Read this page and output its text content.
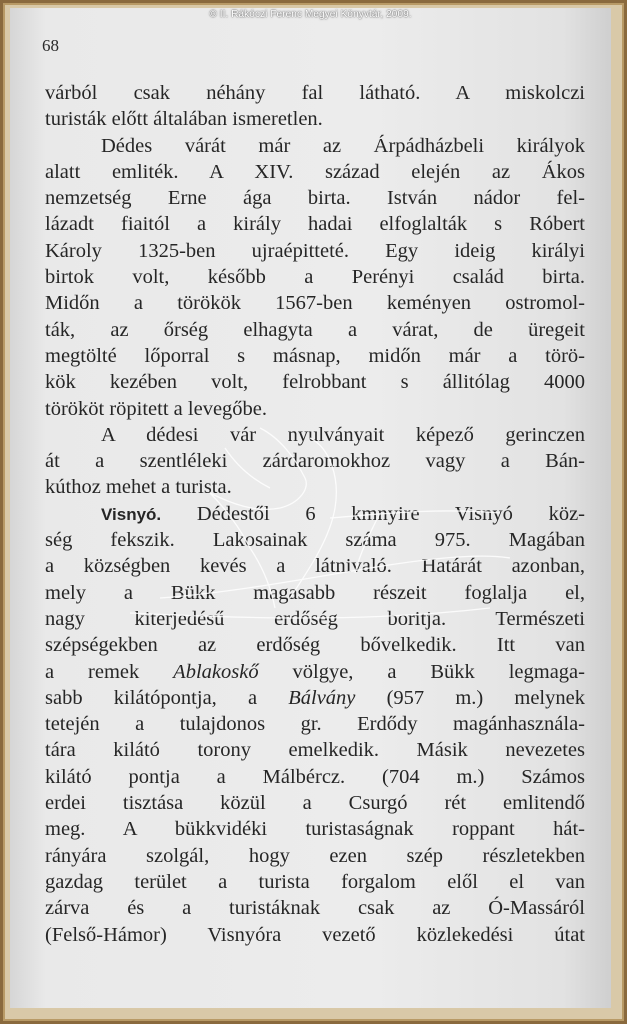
© II. Rákóczi Ferenc Megyei Könyvtár, 2009.
68
várból csak néhány fal látható. A miskolczi
turisták előtt általában ismeretlen.
Dédes várát már az Árpádházbeli királyok
alatt emliték. A XIV. század elején az Ákos
nemzetség Erne ága birta. István nádor fel-
lázadt fiaitól a király hadai elfoglalták s Róbert
Károly 1325-ben ujraépitteté. Egy ideig királyi
birtok volt, később a Perényi család birta.
Midőn a törökök 1567-ben keményen ostromol-
ták, az őrség elhagyta a várat, de üregeit
megtölté lőporral s másnap, midőn már a törö-
kök kezében volt, felrobbant s állitólag 4000
törököt röpitett a levegőbe.
A dédesi vár nyulványait képező gerinczen
át a szentléleki zárdaromokhoz vagy a Bán-
kúthoz mehet a turista.
Visnyó. Dédestől 6 kmnyire Visnyó köz-
ség fekszik. Lakosainak száma 975. Magában
a községben kevés a látnivaló. Határát azonban,
mely a Bükk magasabb részeit foglalja el,
nagy kiterjedésű erdőség boritja. Természeti
szépségekben az erdőség bővelkedik. Itt van
a remek Ablakoskő völgye, a Bükk legmaga-
sabb kilátópontja, a Bálvány (957 m.) melynek
tetején a tulajdonos gr. Erdődy magánhasznála-
tára kilátó torony emelkedik. Másik nevezetes
kilátó pontja a Málbércz. (704 m.) Számos
erdei tisztása közül a Csurgó rét emlitendő
meg. A bükkvidéki turistaságnak roppant hát-
rányára szolgál, hogy ezen szép részletekben
gazdag terület a turista forgalom elől el van
zárva és a turistáknak csak az Ó-Massáról
(Felső-Hámor) Visnyóra vezető közlekedési útat
